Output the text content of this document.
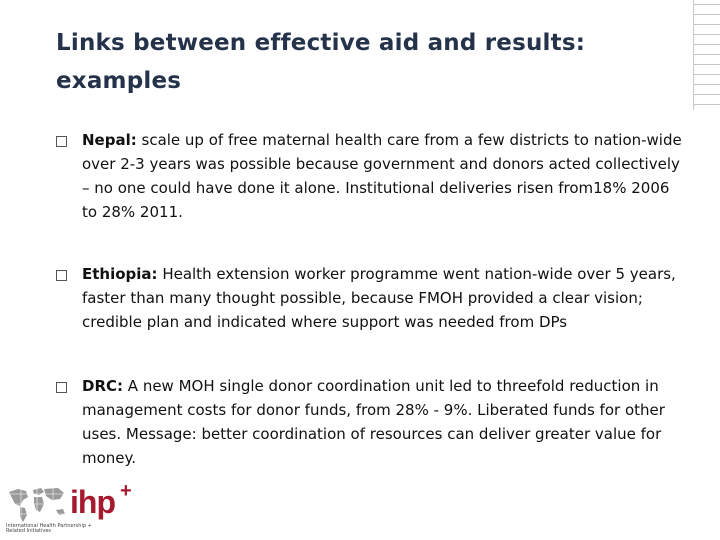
Links between effective aid and results:
examples
Nepal: scale up of free maternal health care from a few districts to nation-wide over 2-3 years was possible because government and donors acted collectively – no one could have done it alone. Institutional deliveries risen from18% 2006 to 28% 2011.
Ethiopia: Health extension worker programme went nation-wide over 5 years, faster than many thought possible, because FMOH provided a clear vision; credible plan and indicated where support was needed from DPs
DRC: A new MOH single donor coordination unit led to threefold reduction in management costs for donor funds, from 28% - 9%. Liberated funds for other uses. Message: better coordination of resources can deliver greater value for money.
ihp +
International Health Partnership + Related Initiatives
